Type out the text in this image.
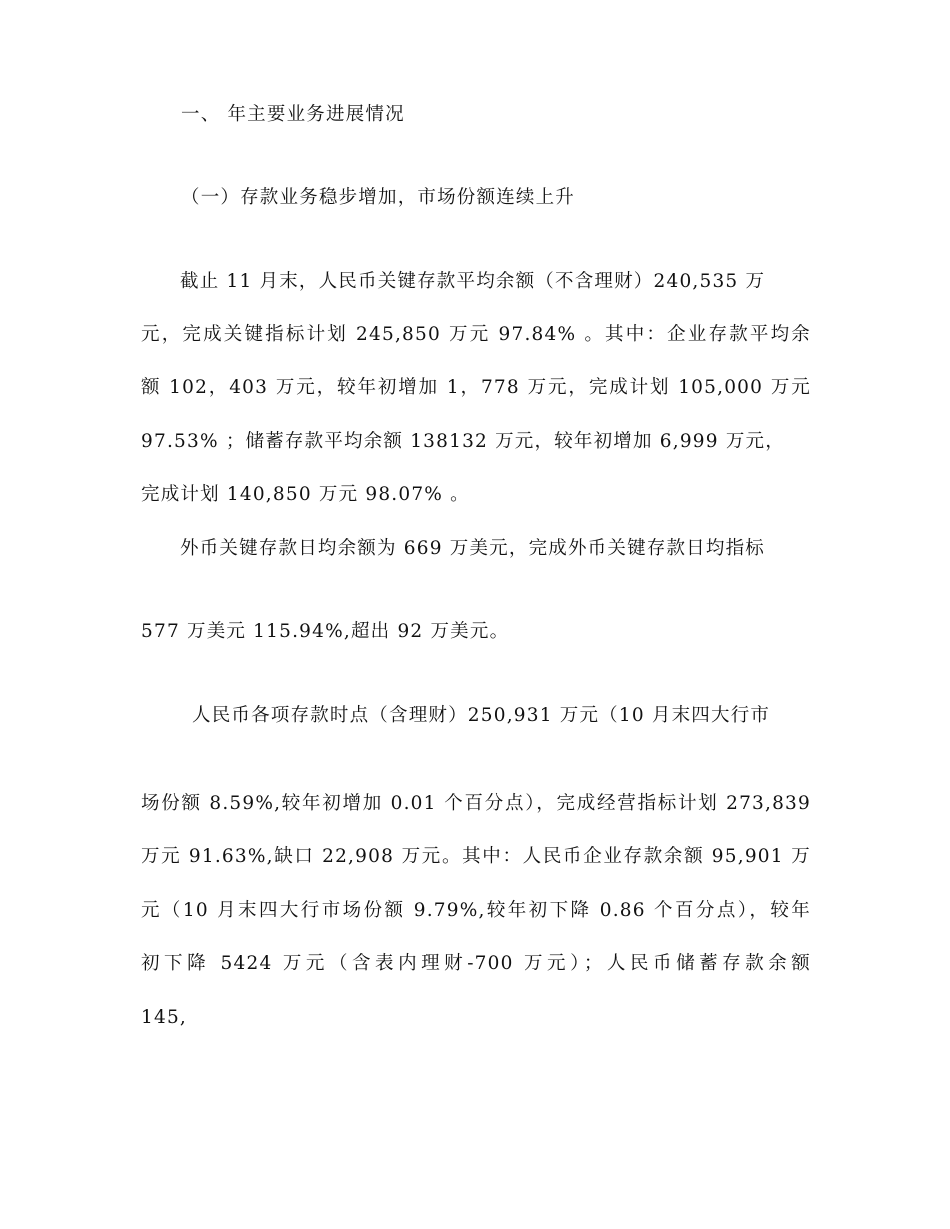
一、 年主要业务进展情况
（一）存款业务稳步增加，市场份额连续上升
截止 11 月末，人民币关键存款平均余额（不含理财）240,535 万
元，完成关键指标计划 245,850 万元 97.84% 。其中：企业存款平均余
额 102，403 万元，较年初增加 1，778 万元，完成计划 105,000 万元
97.53% ；储蓄存款平均余额 138132 万元，较年初增加 6,999 万元，
完成计划 140,850 万元 98.07% 。
外币关键存款日均余额为 669 万美元，完成外币关键存款日均指标
577 万美元 115.94%,超出 92 万美元。
人民币各项存款时点（含理财）250,931 万元（10 月末四大行市
场份额 8.59%,较年初增加 0.01 个百分点），完成经营指标计划 273,839
万元 91.63%,缺口 22,908 万元。其中：人民币企业存款余额 95,901 万
元（10 月末四大行市场份额 9.79%,较年初下降 0.86 个百分点），较年
初下降 5424 万元（含表内理财-700 万元）；人民币储蓄存款余额
145,
